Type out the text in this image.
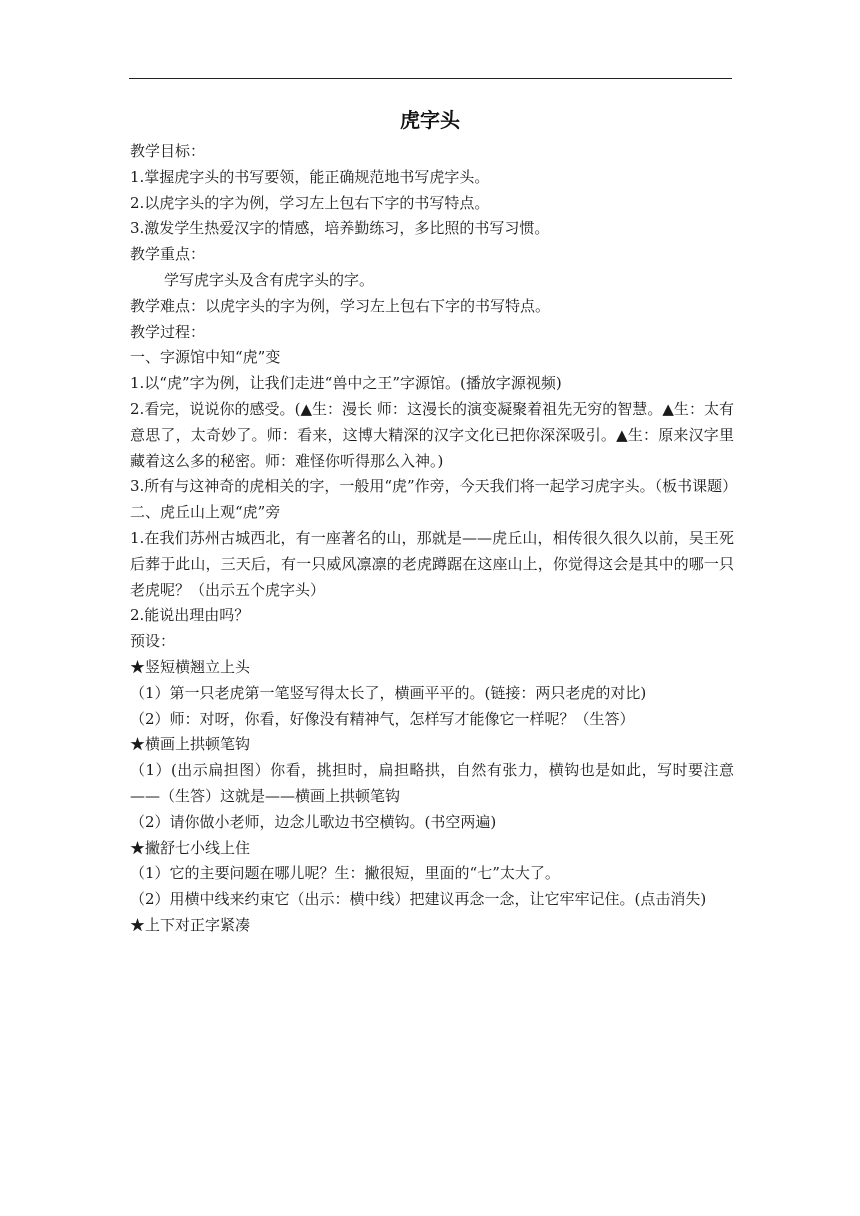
虎字头
教学目标：
1.掌握虎字头的书写要领，能正确规范地书写虎字头。
2.以虎字头的字为例，学习左上包右下字的书写特点。
3.激发学生热爱汉字的情感，培养勤练习，多比照的书写习惯。
教学重点：
学写虎字头及含有虎字头的字。
教学难点：以虎字头的字为例，学习左上包右下字的书写特点。
教学过程：
一、字源馆中知“虎”变
1.以“虎”字为例，让我们走进“兽中之王”字源馆。(播放字源视频)
2.看完，说说你的感受。(▲生：漫长 师：这漫长的演变凝聚着祖先无穷的智慧。▲生：太有意思了，太奇妙了。师：看来，这博大精深的汉字文化已把你深深吸引。▲生：原来汉字里藏着这么多的秘密。师：难怪你听得那么入神。)
3.所有与这神奇的虎相关的字，一般用“虎”作旁，今天我们将一起学习虎字头。（板书课题）
二、虎丘山上观“虎”旁
1.在我们苏州古城西北，有一座著名的山，那就是——虎丘山，相传很久很久以前，吴王死后葬于此山，三天后，有一只威风凛凛的老虎蹲踞在这座山上，你觉得这会是其中的哪一只老虎呢？（出示五个虎字头）
2.能说出理由吗？
预设：
★竖短横翘立上头
（1）第一只老虎第一笔竖写得太长了，横画平平的。(链接：两只老虎的对比)
（2）师：对呀，你看，好像没有精神气，怎样写才能像它一样呢？（生答）
★横画上拱顿笔钩
（1）(出示扁担图）你看，挑担时，扁担略拱，自然有张力，横钩也是如此，写时要注意——（生答）这就是——横画上拱顿笔钩
（2）请你做小老师，边念儿歌边书空横钩。(书空两遍)
★撇舒七小线上住
（1）它的主要问题在哪儿呢？生：撇很短，里面的“七”太大了。
（2）用横中线来约束它（出示：横中线）把建议再念一念，让它牢牢记住。(点击消失)
★上下对正字紧凑
